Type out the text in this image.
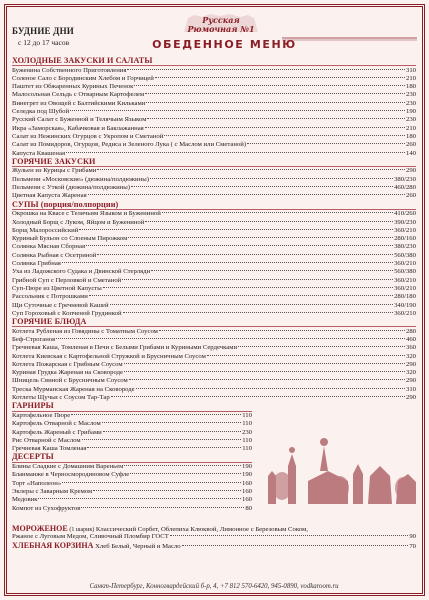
БУДНИЕ ДНИ
с 12 до 17 часов
Русская
Рюмочная №1
ОБЕДЕННОЕ МЕНЮ
ХОЛОДНЫЕ ЗАКУСКИ И САЛАТЫ
Буженина Собственного Приготовления	310
Соленое Сало с Бородинским Хлебом и Горчицей	210
Паштет из Обжаренных Куриных Печенок	180
Малосольная Сельдь с Отварным Картофелем	230
Винегрет из Овощей с Балтийскими Кильками	230
Селедка под Шубой	190
Русский Салат с Буженной и Телячьим Языком	230
Икра «Заморская», Кабачковая и Баклажанная	210
Салат из Нежинских Огурцов с Укропом и Сметаной	180
Салат из Помидоров, Огурцов, Редиса и Зеленого Лука ( с Маслом или Сметаной)	260
Капуста Квашеная	140
ГОРЯЧИЕ ЗАКУСКИ
Жульен из Курицы с Грибами	290
Пельмени «Московские» (дюжина/полдюжины)	380/230
Пельмени с Уткой (дюжина/полдюжины)	460/280
Цветная Капуста Жареная	260
СУПЫ (порция/полпорции)
Окрошка на Квасе с Телячьим Языком и Бужениной	410/260
Холодный Борщ с Луком, Яйцом и Бужениной	390/230
Борщ Малороссийский	360/210
Куриный Бульон со Слоеным Пирожком	280/160
Солянка Мясная Сборная	380/230
Солянка Рыбная с Осетриной	560/380
Солянка Грибная	360/210
Уха из Ладожского Судака и Двинской Стерляди	560/380
Грибной Суп с Перловкой и Сметаной	360/210
Суп-Пюре из Цветной Капусты	360/210
Рассольник с Потрошками	280/180
Щи Суточные с Гречневой Кашей	340/190
Суп Гороховый с Копченой Грудинкой	360/210
ГОРЯЧИЕ БЛЮДА
Котлета Рубленая из Говядины с Томатным Соусом	280
Беф-Строганов	460
Гречневая Каша, Томленая в Печи с Белыми Грибами и Куриными Сердечками	360
Котлета Киевская с Картофельной Стружкой и Брусничным Соусом	320
Котлета Пожарская с Грибным Соусом	290
Куриная Грудка Жареная на Сковороде	320
Шницель Свиной с Брусничным Соусом	290
Треска Мурманская Жареная на Сковороде	310
Котлеты Щучьи с Соусом Тар-Тар	290
ГАРНИРЫ
Картофельное Пюре	110
Картофель Отварной с Маслом	110
Картофель Жареный с Грибами	230
Рис Отварной с Маслом	110
Гречневая Каша Томленая	110
ДЕСЕРТЫ
Блины Сладкие с Домашним Вареньем	190
Бланманже в Черносмородиновом Суфле	190
Торт «Наполеон»	160
Эклеры с Заварным Кремом	160
Медовик	160
Компот из Сухофруктов	80
МОРОЖЕНОЕ (1 шарик) Классический Сорбет, Облепиха Клюквой, Лимонное с Березовым Соком,
Ржаное с Луговым Медом, Сливочный Пломбир ГОСТ	90
ХЛЕБНАЯ КОРЗИНА Хлеб Белый, Черный и Масло	70
Санкт-Петербург, Конногвардейский б-р, 4, +7 812 570-6420, 945-0890, vodkaroom.ru
